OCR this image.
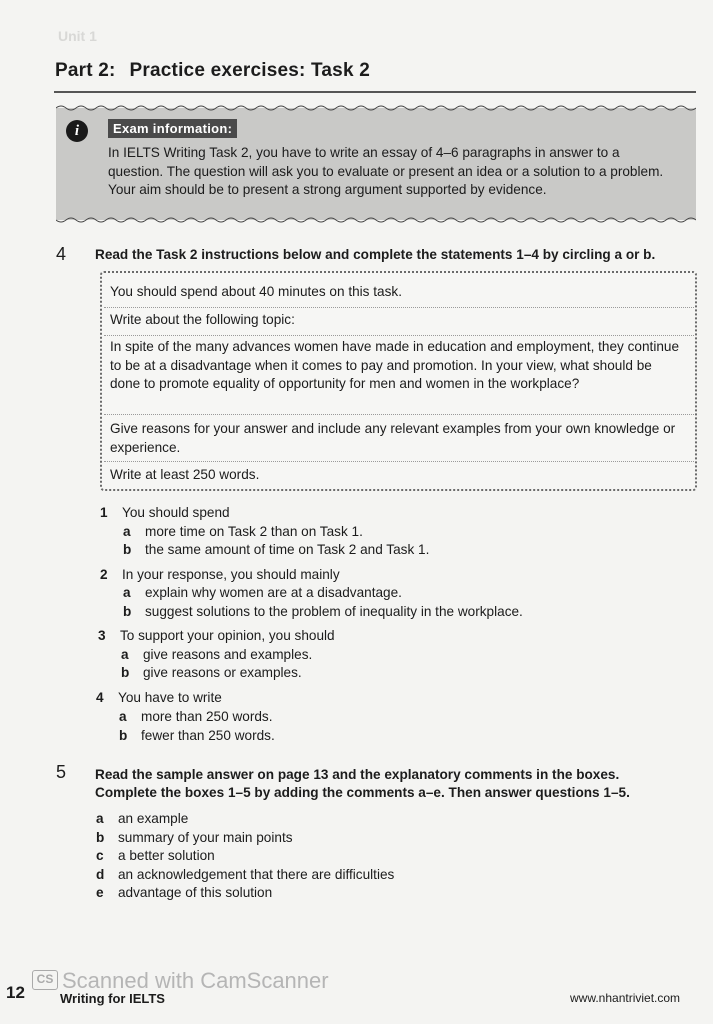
Unit 1
Part 2: Practice exercises: Task 2
i	Exam information:
In IELTS Writing Task 2, you have to write an essay of 4–6 paragraphs in answer to a question. The question will ask you to evaluate or present an idea or a solution to a problem. Your aim should be to present a strong argument supported by evidence.
4 Read the Task 2 instructions below and complete the statements 1–4 by circling a or b.
You should spend about 40 minutes on this task.
Write about the following topic:
In spite of the many advances women have made in education and employment, they continue to be at a disadvantage when it comes to pay and promotion. In your view, what should be done to promote equality of opportunity for men and women in the workplace?
Give reasons for your answer and include any relevant examples from your own knowledge or experience.
Write at least 250 words.
1 You should spend
a more time on Task 2 than on Task 1.
b the same amount of time on Task 2 and Task 1.
2 In your response, you should mainly
a explain why women are at a disadvantage.
b suggest solutions to the problem of inequality in the workplace.
3 To support your opinion, you should
a give reasons and examples.
b give reasons or examples.
4 You have to write
a more than 250 words.
b fewer than 250 words.
5 Read the sample answer on page 13 and the explanatory comments in the boxes.
Complete the boxes 1–5 by adding the comments a–e. Then answer questions 1–5.
a an example
b summary of your main points
c a better solution
d an acknowledgement that there are difficulties
e advantage of this solution
CS Scanned with CamScanner
12	Writing for IELTS	www.nhantriviet.com
